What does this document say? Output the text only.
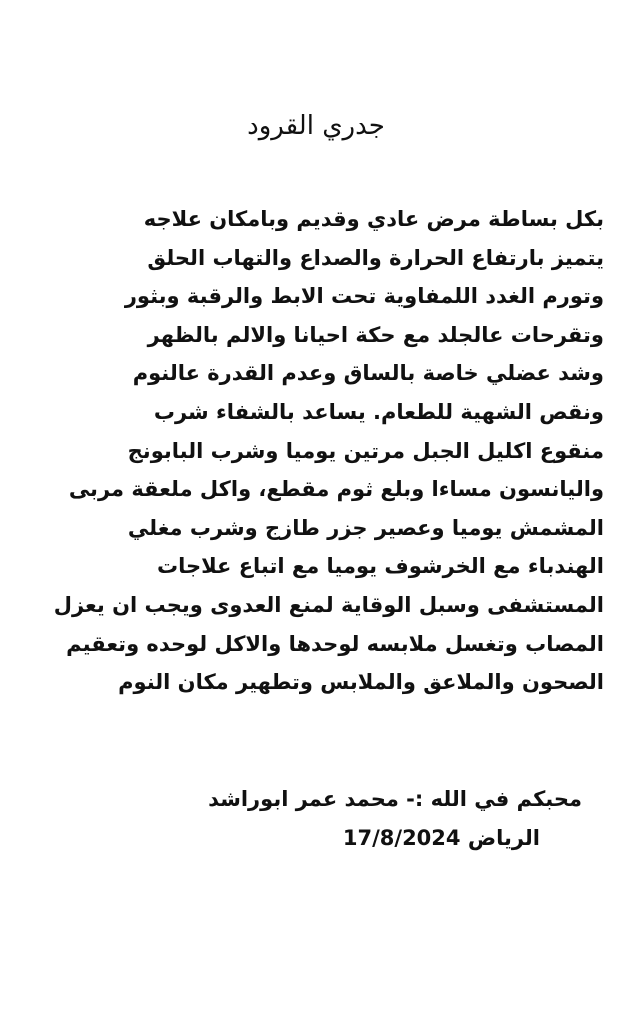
جدري القرود
بكل بساطة مرض عادي وقديم وبامكان علاجه
يتميز بارتفاع الحرارة والصداع والتهاب الحلق
وتورم الغدد اللمفاوية تحت الابط والرقبة وبثور
وتقرحات عالجلد مع حكة احيانا والالم بالظهر
وشد عضلي خاصة بالساق وعدم القدرة عالنوم
ونقص الشهية للطعام. يساعد بالشفاء شرب
منقوع اكليل الجبل مرتين يوميا وشرب البابونج
واليانسون مساءا وبلع ثوم مقطع، واكل ملعقة مربى
المشمش يوميا وعصير جزر طازج وشرب مغلي
الهندباء مع الخرشوف يوميا مع اتباع علاجات
المستشفى وسبل الوقاية لمنع العدوى ويجب ان يعزل
المصاب وتغسل ملابسه لوحدها والاكل لوحده وتعقيم
الصحون والملاعق والملابس وتطهير مكان النوم
محبكم في الله :- محمد عمر ابوراشد
الرياض 17/8/2024
